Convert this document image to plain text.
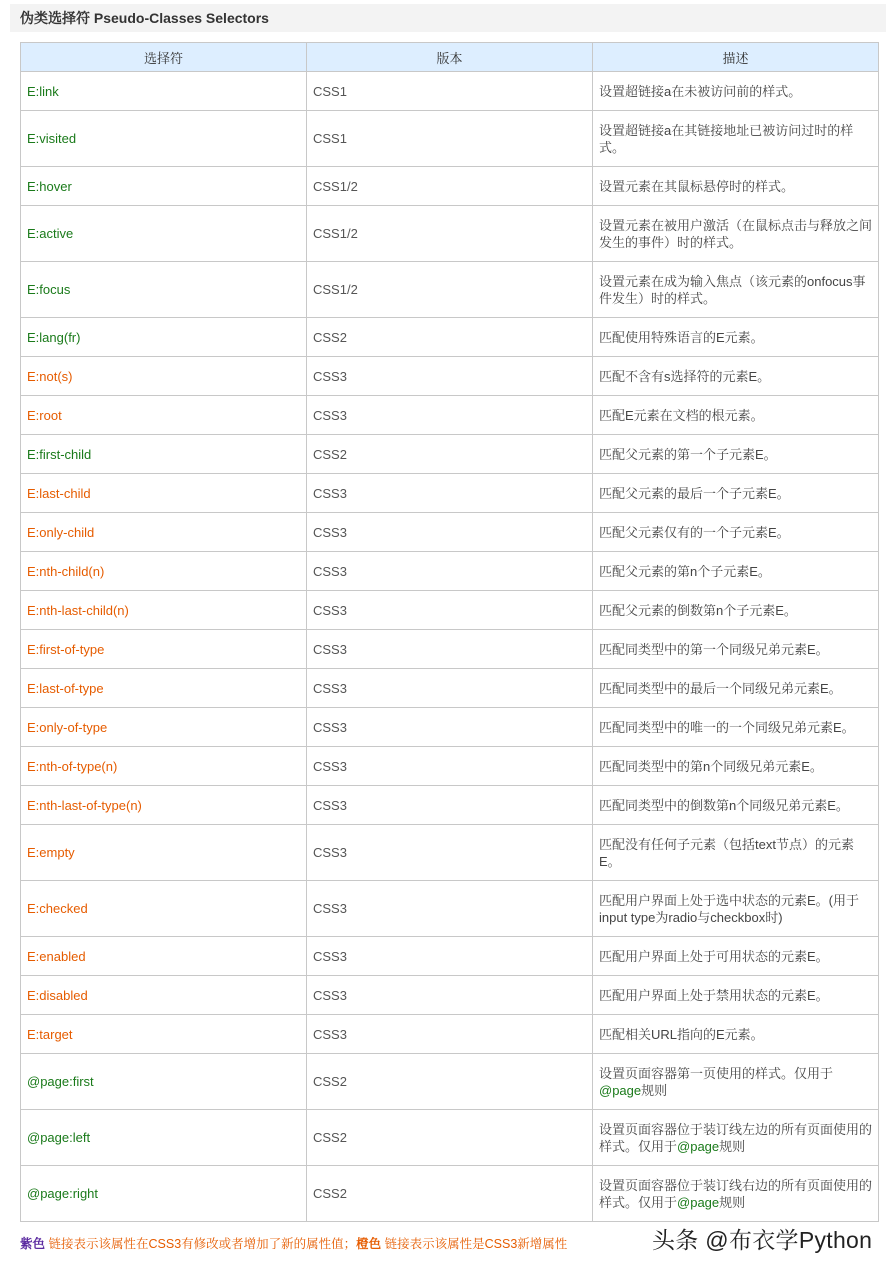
伪类选择符 Pseudo-Classes Selectors
选择符	版本	描述
E:link	CSS1	设置超链接a在未被访问前的样式。
E:visited	CSS1	设置超链接a在其链接地址已被访问过时的样式。
E:hover	CSS1/2	设置元素在其鼠标悬停时的样式。
E:active	CSS1/2	设置元素在被用户激活（在鼠标点击与释放之间发生的事件）时的样式。
E:focus	CSS1/2	设置元素在成为输入焦点（该元素的onfocus事件发生）时的样式。
E:lang(fr)	CSS2	匹配使用特殊语言的E元素。
E:not(s)	CSS3	匹配不含有s选择符的元素E。
E:root	CSS3	匹配E元素在文档的根元素。
E:first-child	CSS2	匹配父元素的第一个子元素E。
E:last-child	CSS3	匹配父元素的最后一个子元素E。
E:only-child	CSS3	匹配父元素仅有的一个子元素E。
E:nth-child(n)	CSS3	匹配父元素的第n个子元素E。
E:nth-last-child(n)	CSS3	匹配父元素的倒数第n个子元素E。
E:first-of-type	CSS3	匹配同类型中的第一个同级兄弟元素E。
E:last-of-type	CSS3	匹配同类型中的最后一个同级兄弟元素E。
E:only-of-type	CSS3	匹配同类型中的唯一的一个同级兄弟元素E。
E:nth-of-type(n)	CSS3	匹配同类型中的第n个同级兄弟元素E。
E:nth-last-of-type(n)	CSS3	匹配同类型中的倒数第n个同级兄弟元素E。
E:empty	CSS3	匹配没有任何子元素（包括text节点）的元素E。
E:checked	CSS3	匹配用户界面上处于选中状态的元素E。(用于input type为radio与checkbox时)
E:enabled	CSS3	匹配用户界面上处于可用状态的元素E。
E:disabled	CSS3	匹配用户界面上处于禁用状态的元素E。
E:target	CSS3	匹配相关URL指向的E元素。
@page:first	CSS2	设置页面容器第一页使用的样式。仅用于@page规则
@page:left	CSS2	设置页面容器位于装订线左边的所有页面使用的样式。仅用于@page规则
@page:right	CSS2	设置页面容器位于装订线右边的所有页面使用的样式。仅用于@page规则
紫色 链接表示该属性在CSS3有修改或者增加了新的属性值；橙色 链接表示该属性是CSS3新增属性	头条 @布衣学Python
